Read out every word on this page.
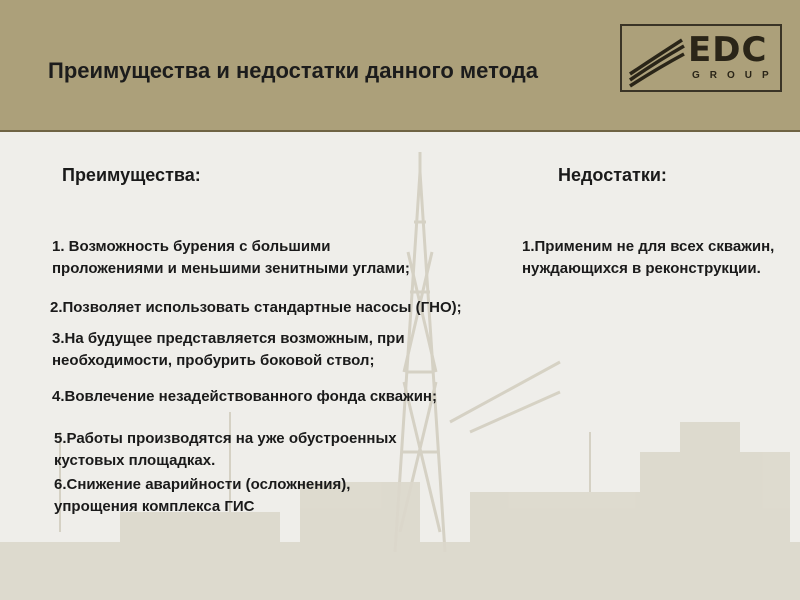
Преимущества и недостатки данного метода
EDC
GROUP
Преимущества:	Недостатки:
1. Возможность бурения с большими проложениями и меньшими зенитными углами;
2.Позволяет использовать стандартные насосы (ГНО);
3.На будущее представляется возможным, при необходимости, пробурить боковой ствол;
4.Вовлечение незадействованного фонда скважин;
5.Работы производятся на уже обустроенных кустовых площадках.
6.Снижение аварийности (осложнения), упрощения комплекса ГИС
1.Применим не для всех скважин, нуждающихся в реконструкции.
